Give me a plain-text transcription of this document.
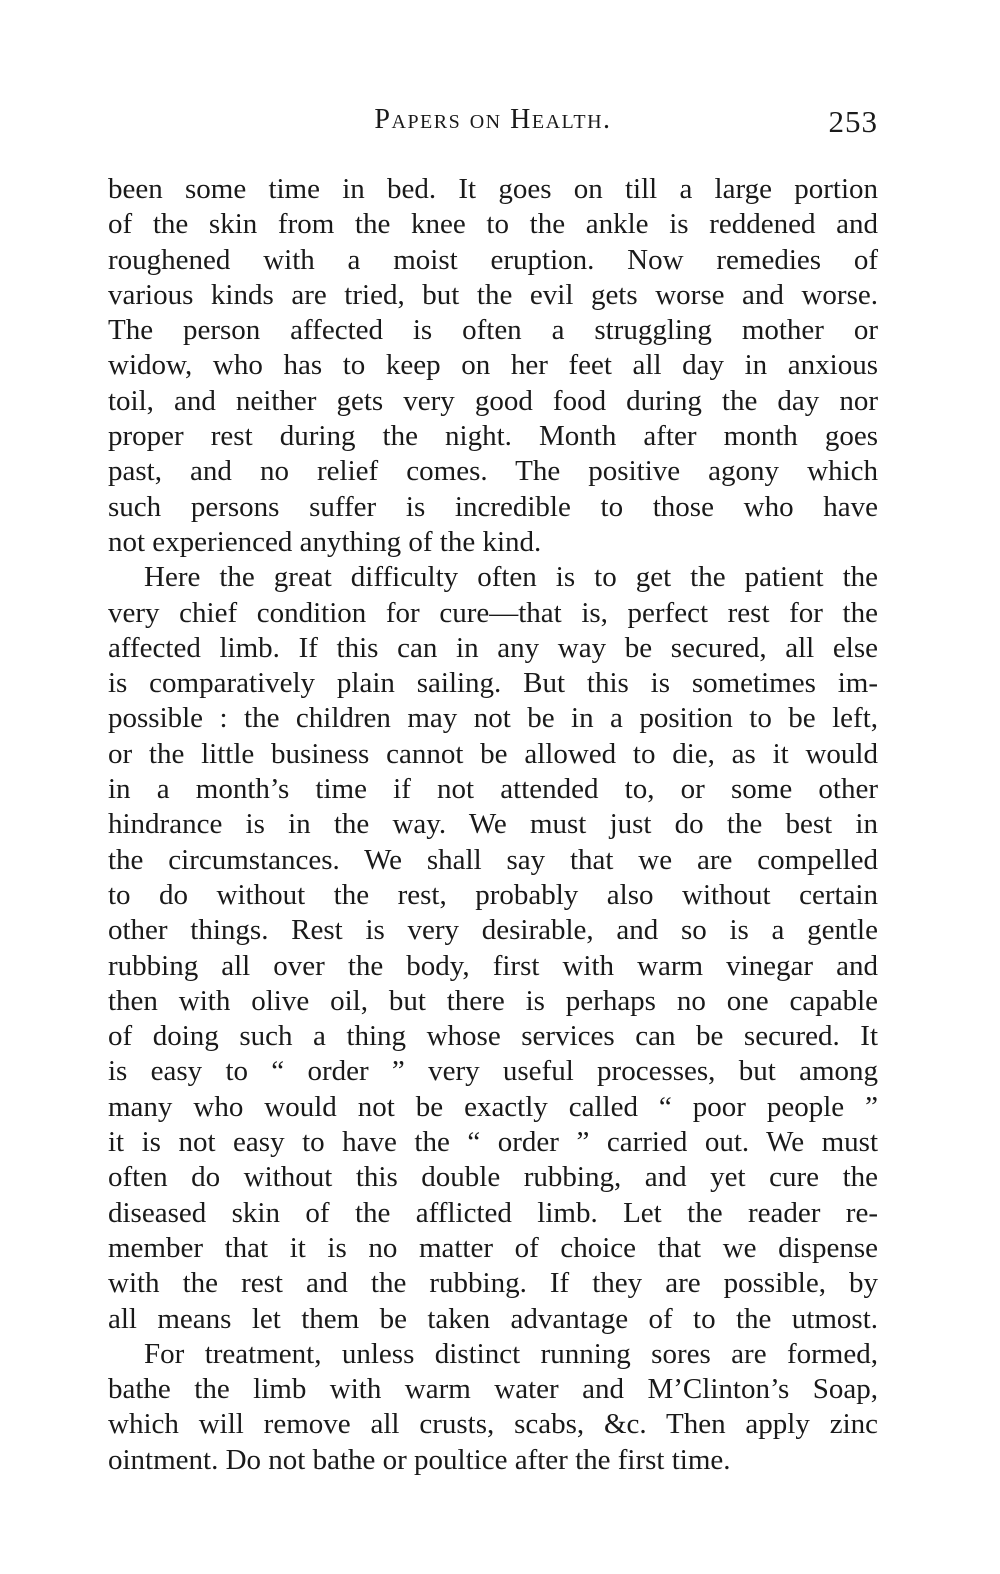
Papers on Health.	253
been some time in bed. It goes on till a large portion
of the skin from the knee to the ankle is reddened and
roughened with a moist eruption. Now remedies of
various kinds are tried, but the evil gets worse and worse.
The person affected is often a struggling mother or
widow, who has to keep on her feet all day in anxious
toil, and neither gets very good food during the day nor
proper rest during the night. Month after month goes
past, and no relief comes. The positive agony which
such persons suffer is incredible to those who have
not experienced anything of the kind.
Here the great difficulty often is to get the patient the
very chief condition for cure—that is, perfect rest for the
affected limb. If this can in any way be secured, all else
is comparatively plain sailing. But this is sometimes im-
possible : the children may not be in a position to be left,
or the little business cannot be allowed to die, as it would
in a month’s time if not attended to, or some other
hindrance is in the way. We must just do the best in
the circumstances. We shall say that we are compelled
to do without the rest, probably also without certain
other things. Rest is very desirable, and so is a gentle
rubbing all over the body, first with warm vinegar and
then with olive oil, but there is perhaps no one capable
of doing such a thing whose services can be secured. It
is easy to “ order ” very useful processes, but among
many who would not be exactly called “ poor people ”
it is not easy to have the “ order ” carried out. We must
often do without this double rubbing, and yet cure the
diseased skin of the afflicted limb. Let the reader re-
member that it is no matter of choice that we dispense
with the rest and the rubbing. If they are possible, by
all means let them be taken advantage of to the utmost.
For treatment, unless distinct running sores are formed,
bathe the limb with warm water and M’Clinton’s Soap,
which will remove all crusts, scabs, &c. Then apply zinc
ointment. Do not bathe or poultice after the first time.
